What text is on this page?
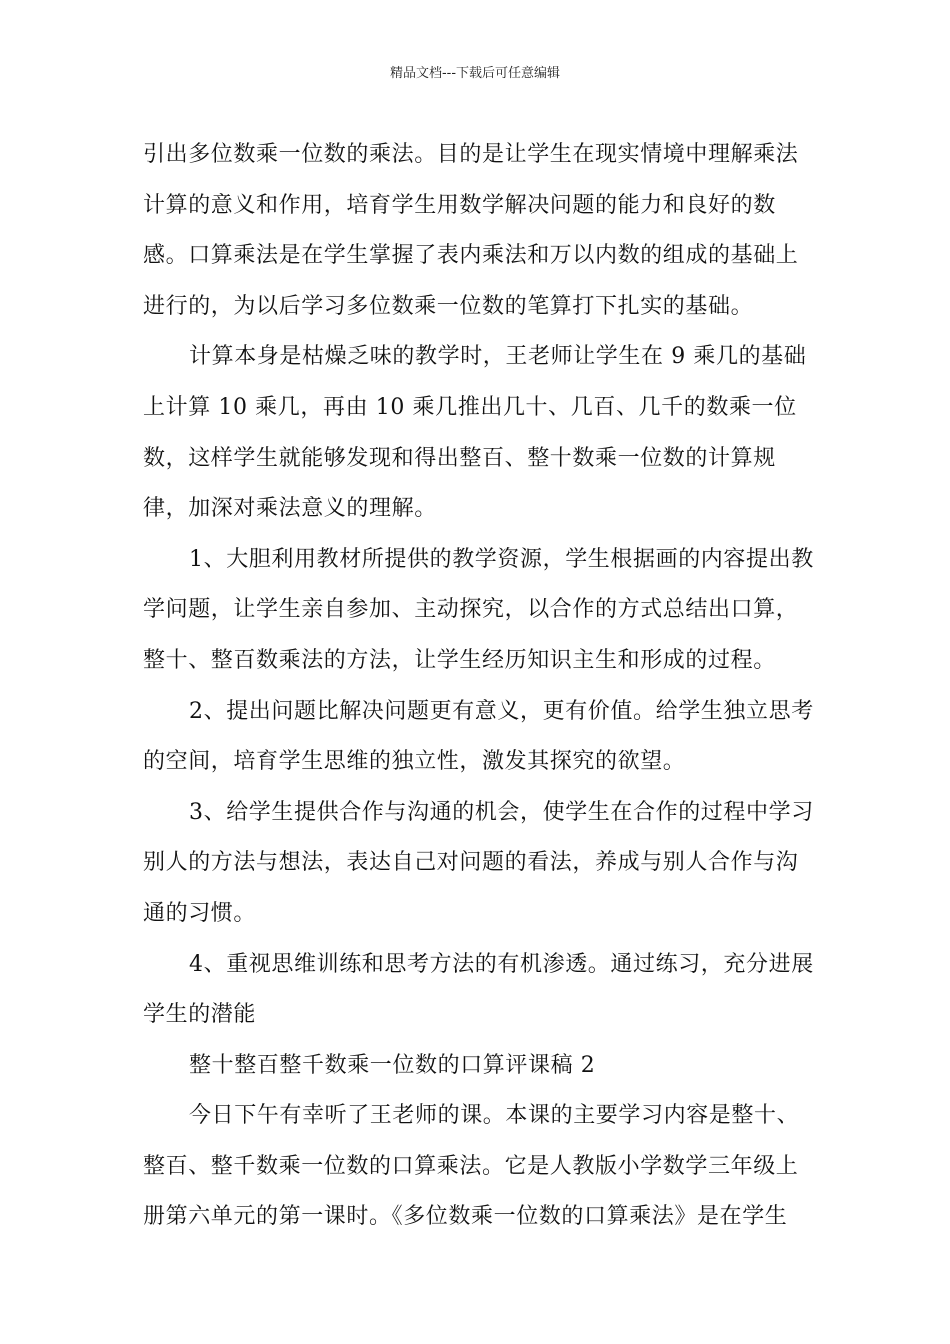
精品文档---下载后可任意编辑

引出多位数乘一位数的乘法。目的是让学生在现实情境中理解乘法计算的意义和作用，培育学生用数学解决问题的能力和良好的数感。口算乘法是在学生掌握了表内乘法和万以内数的组成的基础上进行的，为以后学习多位数乘一位数的笔算打下扎实的基础。

计算本身是枯燥乏味的教学时，王老师让学生在 9 乘几的基础上计算 10 乘几，再由 10 乘几推出几十、几百、几千的数乘一位数，这样学生就能够发现和得出整百、整十数乘一位数的计算规律，加深对乘法意义的理解。

1、大胆利用教材所提供的教学资源，学生根据画的内容提出教学问题，让学生亲自参加、主动探究，以合作的方式总结出口算，整十、整百数乘法的方法，让学生经历知识主生和形成的过程。

2、提出问题比解决问题更有意义，更有价值。给学生独立思考的空间，培育学生思维的独立性，激发其探究的欲望。

3、给学生提供合作与沟通的机会，使学生在合作的过程中学习别人的方法与想法，表达自己对问题的看法，养成与别人合作与沟通的习惯。

4、重视思维训练和思考方法的有机渗透。通过练习，充分进展学生的潜能

整十整百整千数乘一位数的口算评课稿 2

今日下午有幸听了王老师的课。本课的主要学习内容是整十、整百、整千数乘一位数的口算乘法。它是人教版小学数学三年级上册第六单元的第一课时。《多位数乘一位数的口算乘法》是在学生
